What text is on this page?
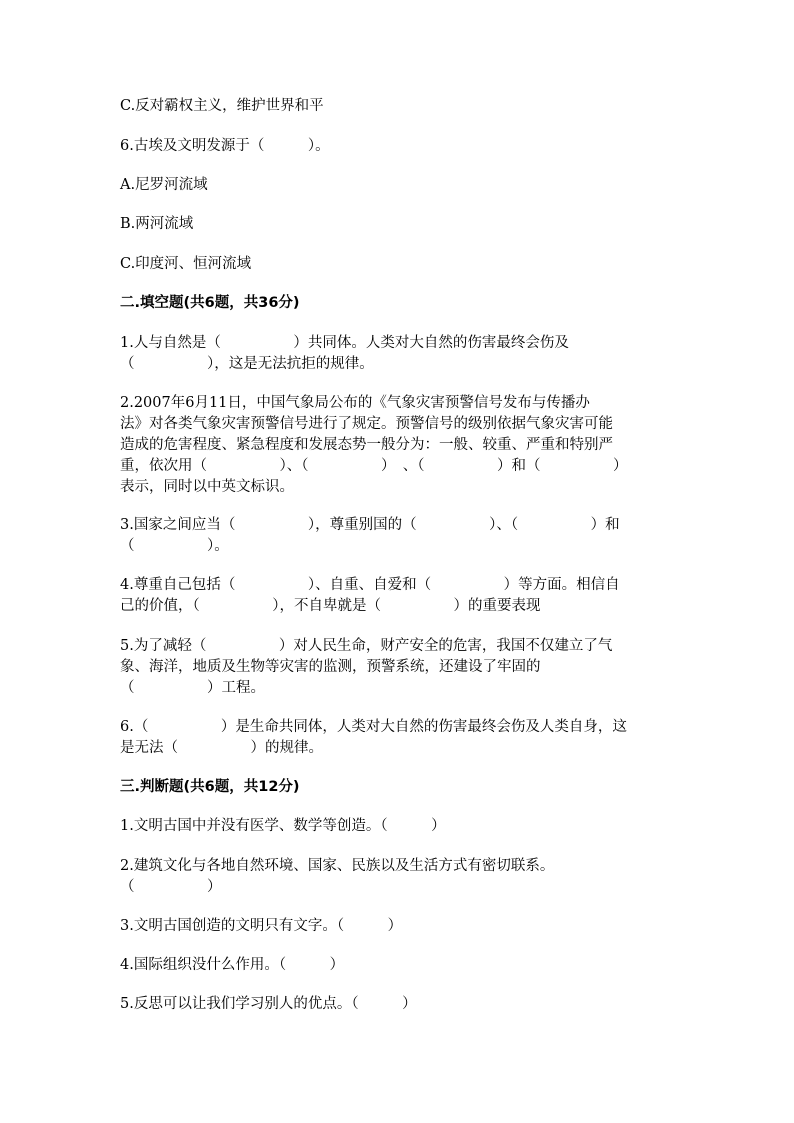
C.反对霸权主义，维护世界和平
6.古埃及文明发源于（　　　）。
A.尼罗河流域
B.两河流域
C.印度河、恒河流域
二.填空题(共6题，共36分)
1.人与自然是（　　　　　）共同体。人类对大自然的伤害最终会伤及
（　　　　　），这是无法抗拒的规律。
2.2007年6月11日，中国气象局公布的《气象灾害预警信号发布与传播办
法》对各类气象灾害预警信号进行了规定。预警信号的级别依据气象灾害可能
造成的危害程度、紧急程度和发展态势一般分为：一般、较重、严重和特别严
重，依次用（　　　　　）、（　　　　　）　、（　　　　　）和（　　　　　）
表示，同时以中英文标识。
3.国家之间应当（　　　　　），尊重别国的（　　　　　）、（　　　　　）和
（　　　　　）。
4.尊重自己包括（　　　　　）、自重、自爱和（　　　　　）等方面。相信自
己的价值，（　　　　　），不自卑就是（　　　　　）的重要表现
5.为了减轻（　　　　　）对人民生命，财产安全的危害，我国不仅建立了气
象、海洋，地质及生物等灾害的监测，预警系统，还建设了牢固的
（　　　　　）工程。
6.（　　　　　）是生命共同体，人类对大自然的伤害最终会伤及人类自身，这
是无法（　　　　　）的规律。
三.判断题(共6题，共12分)
1.文明古国中并没有医学、数学等创造。（　　　）
2.建筑文化与各地自然环境、国家、民族以及生活方式有密切联系。
（　　　　　）
3.文明古国创造的文明只有文字。（　　　）
4.国际组织没什么作用。（　　　）
5.反思可以让我们学习别人的优点。（　　　）
